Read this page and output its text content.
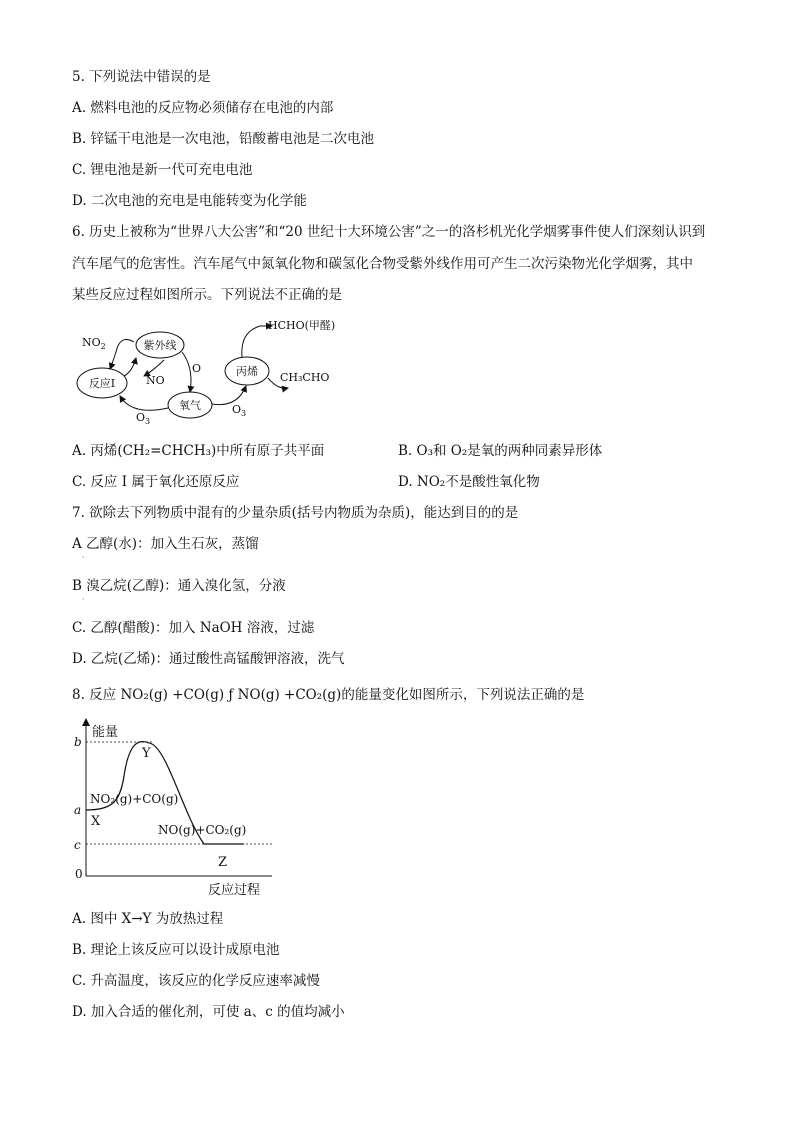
5. 下列说法中错误的是
A. 燃料电池的反应物必须储存在电池的内部
B. 锌锰干电池是一次电池，铅酸蓄电池是二次电池
C. 锂电池是新一代可充电电池
D. 二次电池的充电是电能转变为化学能
6. 历史上被称为“世界八大公害”和“20 世纪十大环境公害”之一的洛杉机光化学烟雾事件使人们深刻认识到
汽车尾气的危害性。汽车尾气中氮氧化物和碳氢化合物受紫外线作用可产生二次污染物光化学烟雾，其中
某些反应过程如图所示。下列说法不正确的是
$NO_2$	紫外线
反应I
氧气
丙烯
NO
O
$O_3$
$O_3$
HCHO(甲醛)
CH₃CHO
A. 丙烯(CH₂=CHCH₃)中所有原子共平面	B. O₃和 O₂是氧的两种同素异形体
C. 反应 I 属于氧化还原反应	D. NO₂不是酸性氧化物
7. 欲除去下列物质中混有的少量杂质(括号内物质为杂质)，能达到目的的是
A 乙醇(水)：加入生石灰，蒸馏
·
B 溴乙烷(乙醇)：通入溴化氢，分液
·
C. 乙醇(醋酸)：加入 NaOH 溶液，过滤
D. 乙烷(乙烯)：通过酸性高锰酸钾溶液，洗气
8. 反应 NO₂(g) +CO(g) ƒ NO(g) +CO₂(g)的能量变化如图所示，下列说法正确的是
能量
反应过程
b
a
c
0
Y
NO₂(g)+CO(g)
X
NO(g)+CO₂(g)
Z
A. 图中 X→Y 为放热过程
B. 理论上该反应可以设计成原电池
C. 升高温度，该反应的化学反应速率减慢
D. 加入合适的催化剂，可使 a、c 的值均减小
